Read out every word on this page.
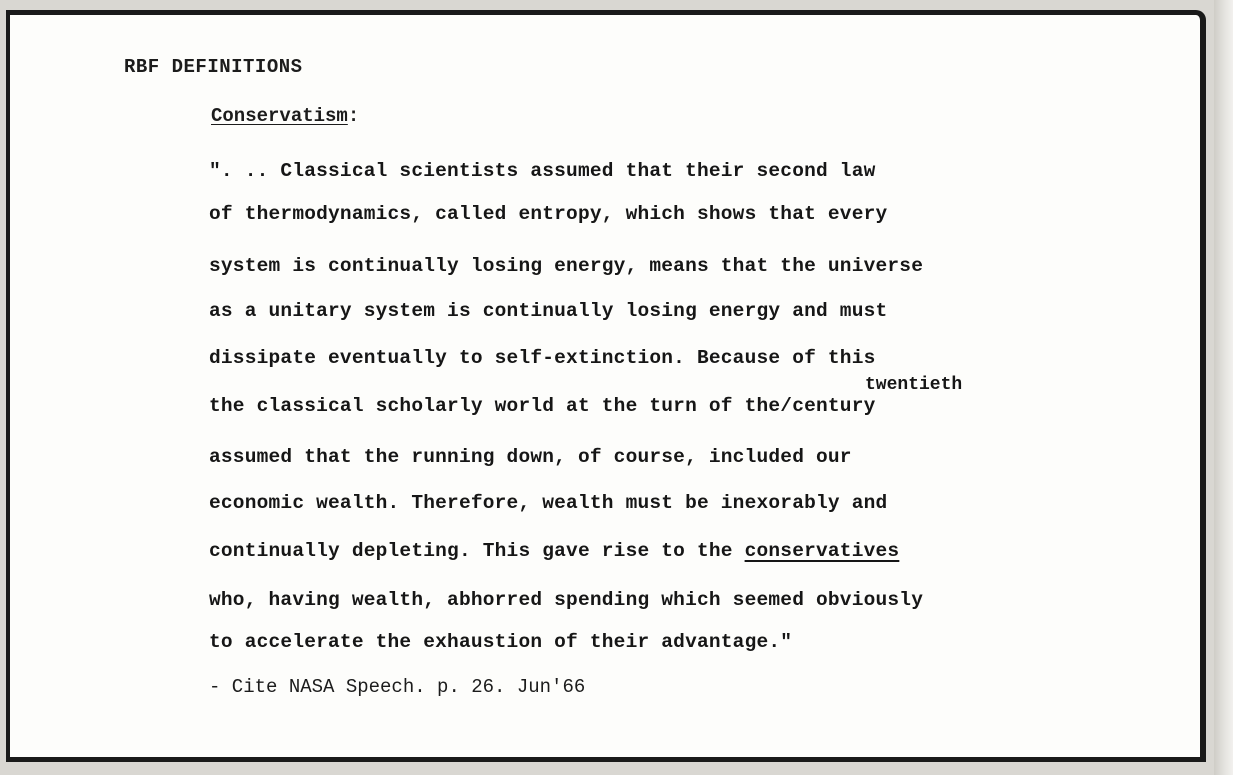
RBF DEFINITIONS
Conservatism:
". .. Classical scientists assumed that their second law
of thermodynamics, called entropy, which shows that every
system is continually losing energy, means that the universe
as a unitary system is continually losing energy and must
dissipate eventually to self-extinction. Because of this
twentieth
the classical scholarly world at the turn of the/century
assumed that the running down, of course, included our
economic wealth. Therefore, wealth must be inexorably and
continually depleting. This gave rise to the conservatives
who, having wealth, abhorred spending which seemed obviously
to accelerate the exhaustion of their advantage."
- Cite NASA Speech. p. 26. Jun'66
